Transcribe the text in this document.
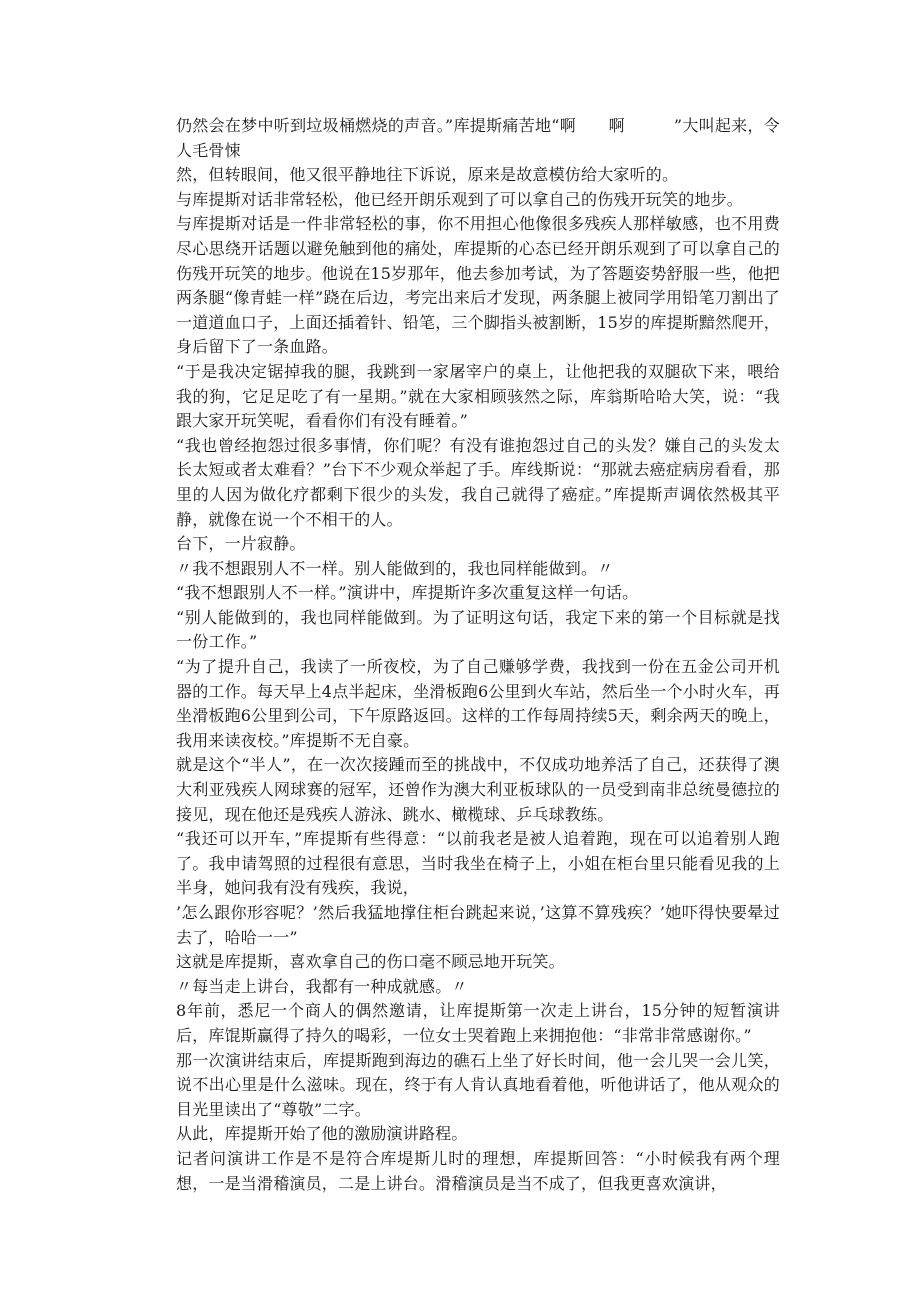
仍然会在梦中听到垃圾桶燃烧的声音。”库提斯痛苦地“啊　　啊　　　”大叫起来，令人毛骨悚

然，但转眼间，他又很平静地往下诉说，原来是故意模仿给大家听的。

与库提斯对话非常轻松，他已经开朗乐观到了可以拿自己的伤残开玩笑的地步。

与库提斯对话是一件非常轻松的事，你不用担心他像很多残疾人那样敏感，也不用费尽心思绕开话题以避免触到他的痛处，库提斯的心态已经开朗乐观到了可以拿自己的伤残开玩笑的地步。他说在15岁那年，他去参加考试，为了答题姿势舒服一些，他把两条腿“像青蛙一样”跷在后边，考完出来后才发现，两条腿上被同学用铅笔刀割出了一道道血口子，上面还插着针、铅笔，三个脚指头被割断，15岁的库提斯黯然爬开，身后留下了一条血路。

“于是我决定锯掉我的腿，我跳到一家屠宰户的桌上，让他把我的双腿砍下来，喂给我的狗，它足足吃了有一星期。”就在大家相顾骇然之际，库翁斯哈哈大笑，说：“我跟大家开玩笑呢，看看你们有没有睡着。”

“我也曾经抱怨过很多事情，你们呢？有没有谁抱怨过自己的头发？嫌自己的头发太长太短或者太难看？”台下不少观众举起了手。库线斯说：“那就去癌症病房看看，那里的人因为做化疗都剩下很少的头发，我自己就得了癌症。”库提斯声调依然极其平静，就像在说一个不相干的人。

台下，一片寂静。

〃我不想跟别人不一样。别人能做到的，我也同样能做到。〃

“我不想跟别人不一样。”演讲中，库提斯许多次重复这样一句话。

“别人能做到的，我也同样能做到。为了证明这句话，我定下来的第一个目标就是找一份工作。”

“为了提升自己，我读了一所夜校，为了自己赚够学费，我找到一份在五金公司开机器的工作。每天早上4点半起床，坐滑板跑6公里到火车站，然后坐一个小时火车，再坐滑板跑6公里到公司，下午原路返回。这样的工作每周持续5天，剩余两天的晚上，我用来读夜校。”库提斯不无自豪。

就是这个“半人”，在一次次接踵而至的挑战中，不仅成功地养活了自己，还获得了澳大利亚残疾人网球赛的冠军，还曾作为澳大利亚板球队的一员受到南非总统曼德拉的接见，现在他还是残疾人游泳、跳水、橄榄球、乒乓球教练。

“我还可以开车，”库提斯有些得意：“以前我老是被人追着跑，现在可以追着别人跑了。我申请驾照的过程很有意思，当时我坐在椅子上，小姐在柜台里只能看见我的上半身，她问我有没有残疾，我说，

’怎么跟你形容呢？’然后我猛地撑住柜台跳起来说，’这算不算残疾？’她吓得快要晕过去了，哈哈一一”

这就是库提斯，喜欢拿自己的伤口毫不顾忌地开玩笑。

〃每当走上讲台，我都有一种成就感。〃

8年前，悉尼一个商人的偶然邀请，让库提斯第一次走上讲台，15分钟的短暂演讲后，库馄斯赢得了持久的喝彩，一位女士哭着跑上来拥抱他：“非常非常感谢你。”

那一次演讲结束后，库提斯跑到海边的礁石上坐了好长时间，他一会儿哭一会儿笑，说不出心里是什么滋味。现在，终于有人肯认真地看着他，听他讲话了，他从观众的目光里读出了“尊敬”二字。

从此，库提斯开始了他的激励演讲路程。

记者问演讲工作是不是符合库堤斯儿时的理想，库提斯回答：“小时候我有两个理想，一是当滑稽演员，二是上讲台。滑稽演员是当不成了，但我更喜欢演讲，
